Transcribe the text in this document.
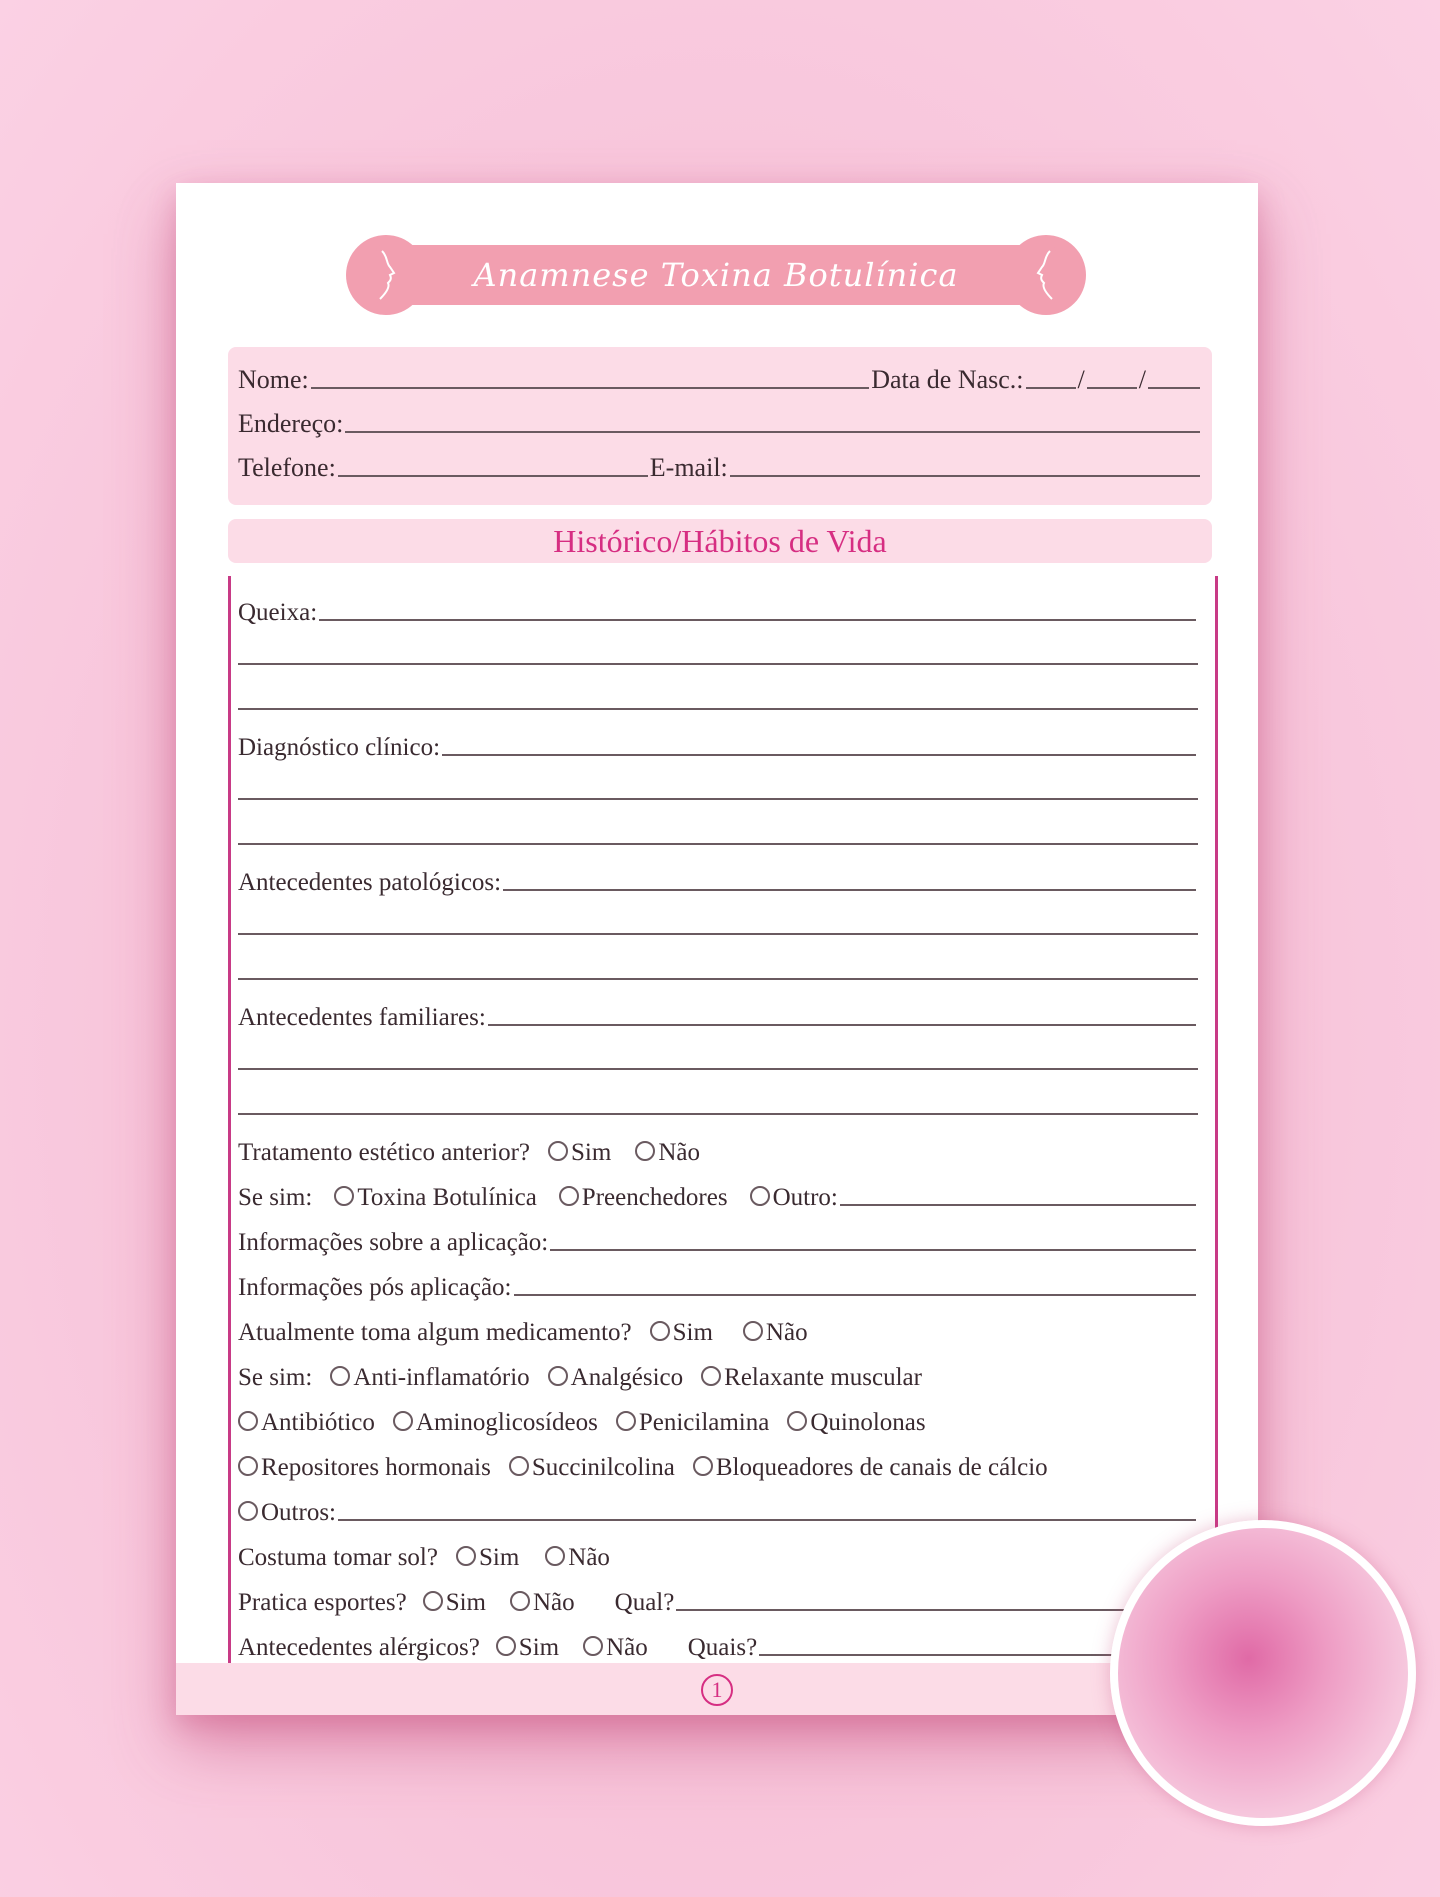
Anamnese Toxina Botulínica
Nome:	Data de Nasc.: / /
Endereço:
Telefone:	E-mail:
Histórico/Hábitos de Vida
Queixa:
Diagnóstico clínico:
Antecedentes patológicos:
Antecedentes familiares:
Tratamento estético anterior? Sim Não
Se sim: Toxina Botulínica Preenchedores Outro:
Informações sobre a aplicação:
Informações pós aplicação:
Atualmente toma algum medicamento? Sim Não
Se sim: Anti-inflamatório Analgésico Relaxante muscular
Antibiótico Aminoglicosídeos Penicilamina Quinolonas
Repositores hormonais Succinilcolina Bloqueadores de canais de cálcio
Outros:
Costuma tomar sol? Sim Não
Pratica esportes? Sim Não Qual?
Antecedentes alérgicos? Sim Não Quais?
1
